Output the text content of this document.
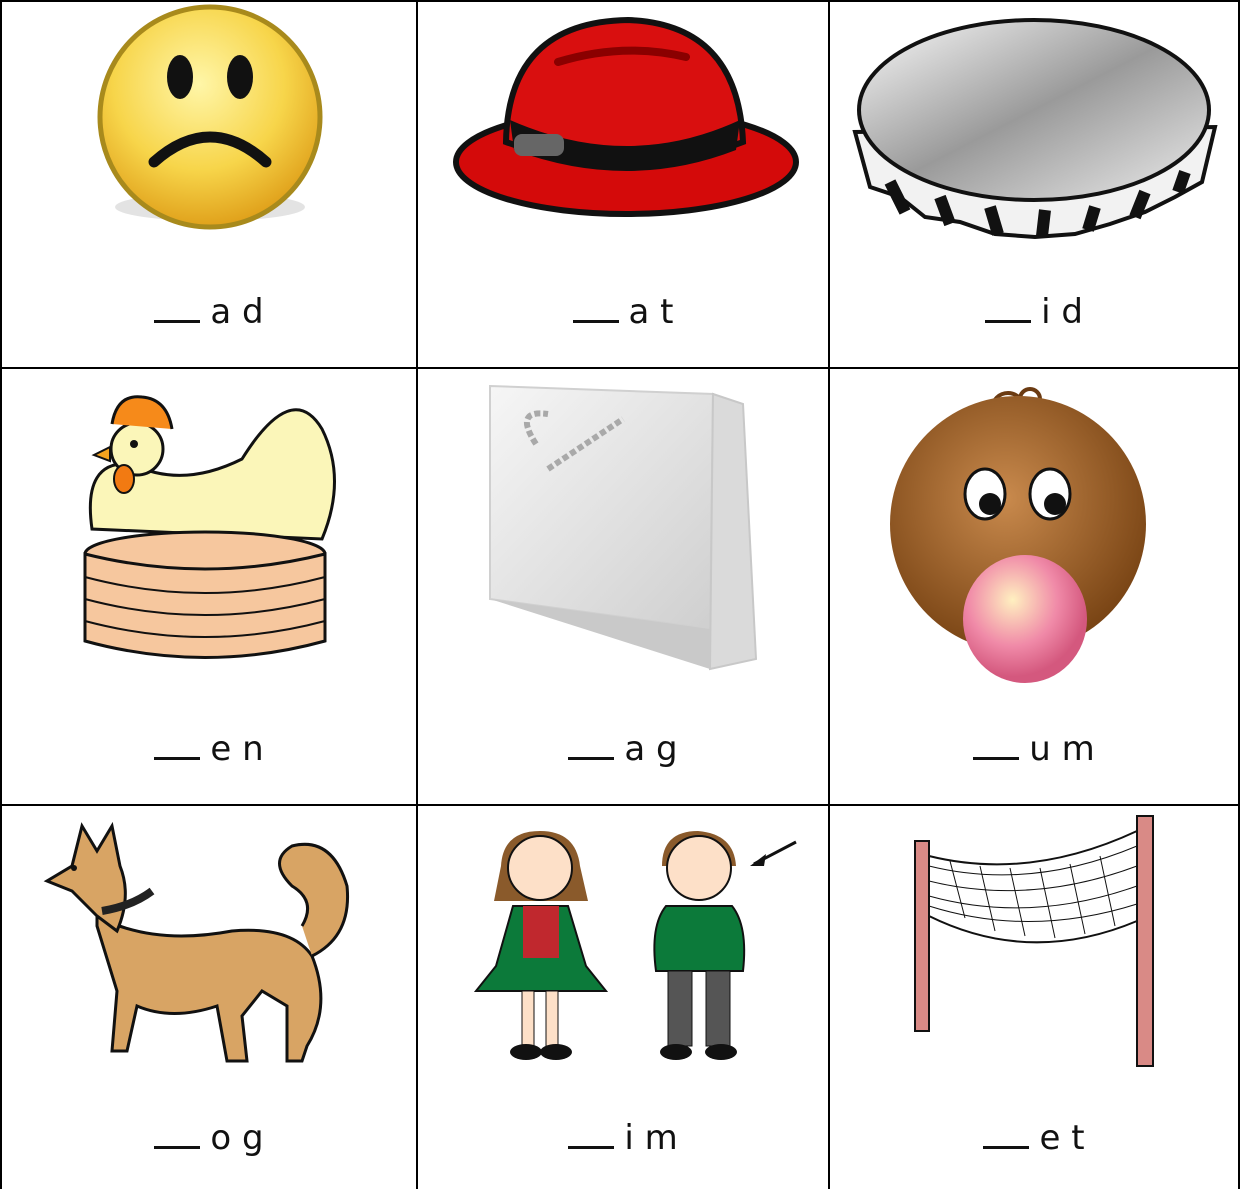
a d	a t	i d
e n	a g	u m
o g	i m	e t
